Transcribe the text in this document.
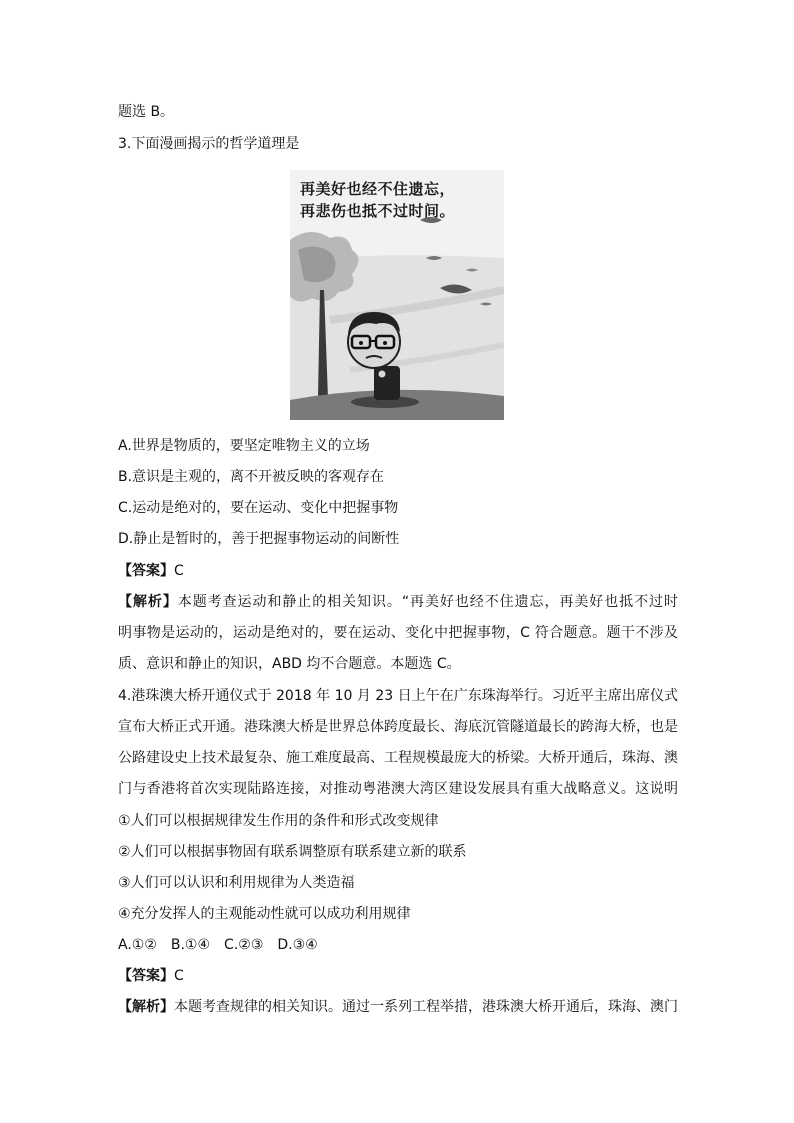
题选 B。
3.下面漫画揭示的哲学道理是
再美好也经不住遗忘，
再悲伤也抵不过时间。
A.世界是物质的，要坚定唯物主义的立场
B.意识是主观的，离不开被反映的客观存在
C.运动是绝对的，要在运动、变化中把握事物
D.静止是暂时的，善于把握事物运动的间断性
【答案】C
【解析】本题考查运动和静止的相关知识。“再美好也经不住遗忘，再美好也抵不过时
明事物是运动的，运动是绝对的，要在运动、变化中把握事物，C 符合题意。题干不涉及
质、意识和静止的知识，ABD 均不合题意。本题选 C。
4.港珠澳大桥开通仪式于 2018 年 10 月 23 日上午在广东珠海举行。习近平主席出席仪式
宣布大桥正式开通。港珠澳大桥是世界总体跨度最长、海底沉管隧道最长的跨海大桥，也是
公路建设史上技术最复杂、施工难度最高、工程规模最庞大的桥梁。大桥开通后，珠海、澳
门与香港将首次实现陆路连接，对推动粤港澳大湾区建设发展具有重大战略意义。这说明
①人们可以根据规律发生作用的条件和形式改变规律
②人们可以根据事物固有联系调整原有联系建立新的联系
③人们可以认识和利用规律为人类造福
④充分发挥人的主观能动性就可以成功利用规律
A.①②　B.①④　C.②③　D.③④
【答案】C
【解析】本题考查规律的相关知识。通过一系列工程举措，港珠澳大桥开通后，珠海、澳门
